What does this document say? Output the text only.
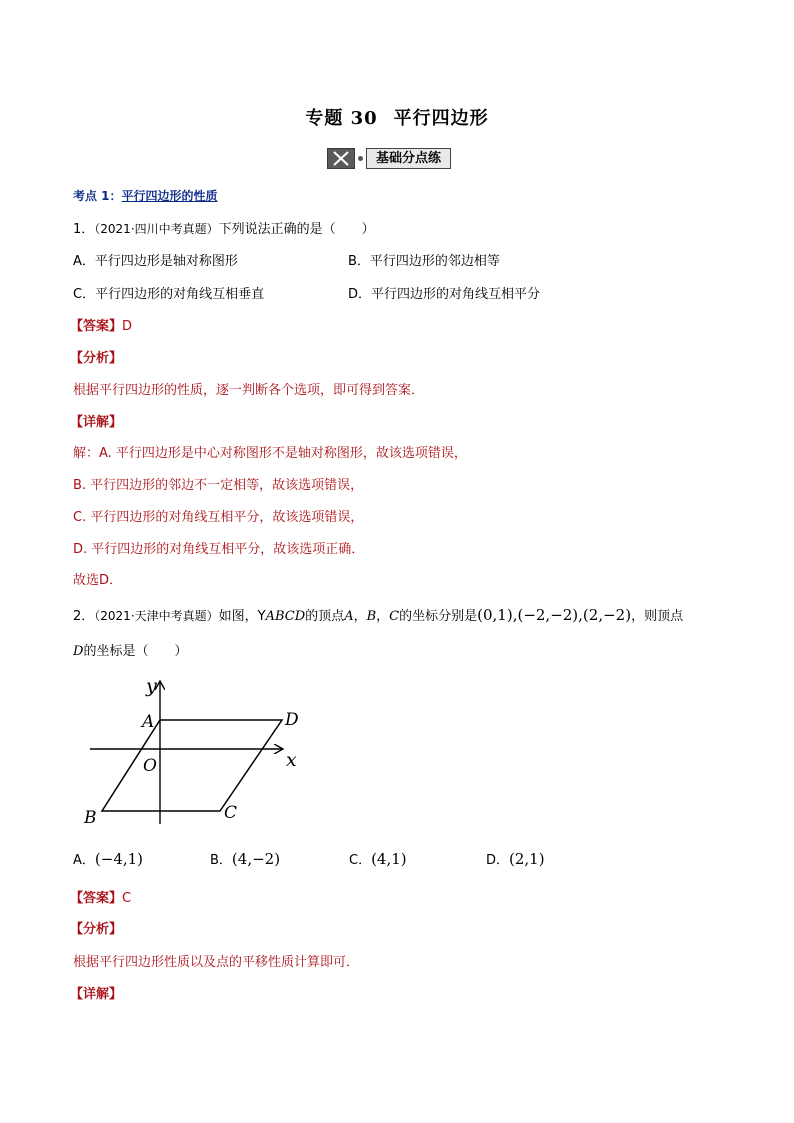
专题 30 平行四边形
基础分点练
考点 1：平行四边形的性质
1．（2021·四川中考真题）下列说法正确的是（　　）
A．平行四边形是轴对称图形	B．平行四边形的邻边相等
C．平行四边形的对角线互相垂直	D．平行四边形的对角线互相平分
【答案】D
【分析】
根据平行四边形的性质，逐一判断各个选项，即可得到答案．
【详解】
解：A. 平行四边形是中心对称图形不是轴对称图形，故该选项错误，
B. 平行四边形的邻边不一定相等，故该选项错误，
C. 平行四边形的对角线互相平分，故该选项错误，
D. 平行四边形的对角线互相平分，故该选项正确．
故选D．
2．（2021·天津中考真题）如图，YABCD的顶点A，B，C的坐标分别是(0,1),(−2,−2),(2,−2)，则顶点
D的坐标是（　　）
y
x
A	D
O
B	C
A．(−4,1)	B．(4,−2)	C．(4,1)	D．(2,1)
【答案】C
【分析】
根据平行四边形性质以及点的平移性质计算即可．
【详解】
